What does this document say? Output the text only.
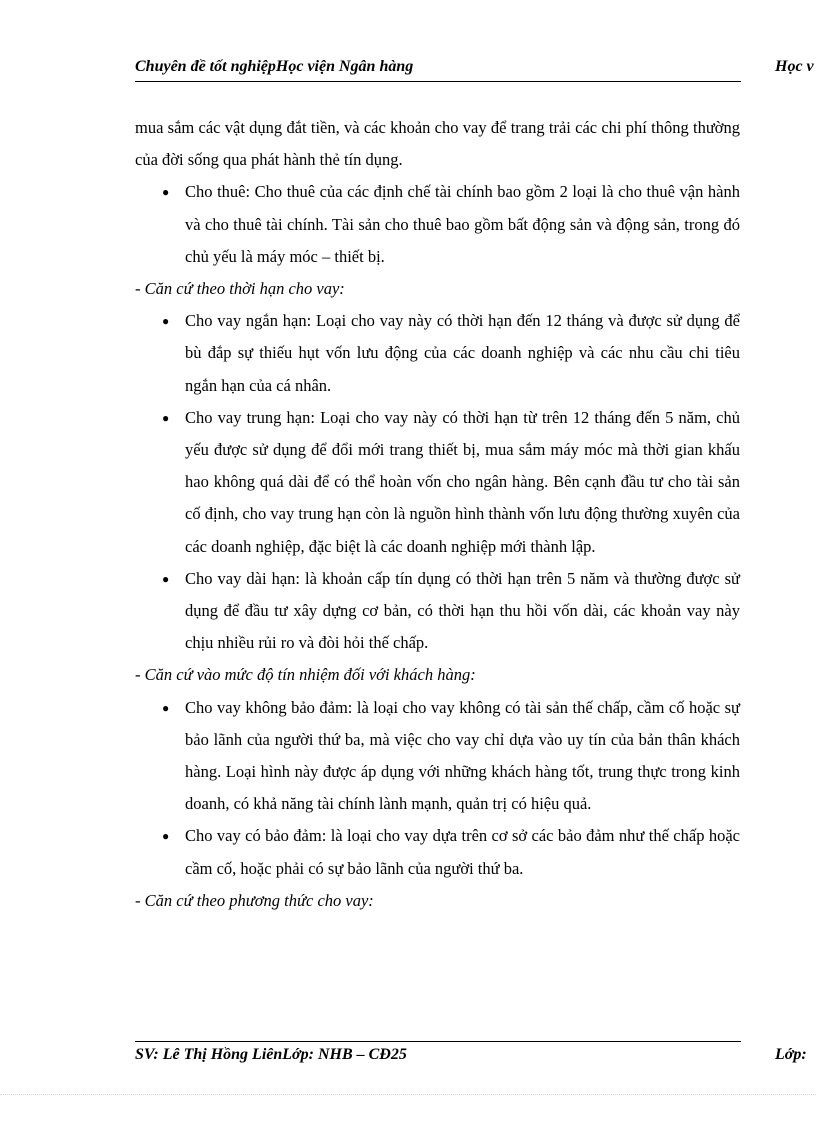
Chuyên đề tốt nghiệpHọc viện Ngân hàng	Học v

mua sắm các vật dụng đắt tiền, và các khoản cho vay để trang trải các chi phí thông thường của đời sống qua phát hành thẻ tín dụng.

● Cho thuê: Cho thuê của các định chế tài chính bao gồm 2 loại là cho thuê vận hành và cho thuê tài chính. Tài sản cho thuê bao gồm bất động sản và động sản, trong đó chủ yếu là máy móc – thiết bị.

- Căn cứ theo thời hạn cho vay:

● Cho vay ngắn hạn: Loại cho vay này có thời hạn đến 12 tháng và được sử dụng để bù đắp sự thiếu hụt vốn lưu động của các doanh nghiệp và các nhu cầu chi tiêu ngắn hạn của cá nhân.
● Cho vay trung hạn: Loại cho vay này có thời hạn từ trên 12 tháng đến 5 năm, chủ yếu được sử dụng để đổi mới trang thiết bị, mua sắm máy móc mà thời gian khấu hao không quá dài để có thể hoàn vốn cho ngân hàng. Bên cạnh đầu tư cho tài sản cố định, cho vay trung hạn còn là nguồn hình thành vốn lưu động thường xuyên của các doanh nghiệp, đặc biệt là các doanh nghiệp mới thành lập.
● Cho vay dài hạn: là khoản cấp tín dụng có thời hạn trên 5 năm và thường được sử dụng để đầu tư xây dựng cơ bản, có thời hạn thu hồi vốn dài, các khoản vay này chịu nhiều rủi ro và đòi hỏi thế chấp.

- Căn cứ vào mức độ tín nhiệm đối với khách hàng:

● Cho vay không bảo đảm: là loại cho vay không có tài sản thế chấp, cầm cố hoặc sự bảo lãnh của người thứ ba, mà việc cho vay chỉ dựa vào uy tín của bản thân khách hàng. Loại hình này được áp dụng với những khách hàng tốt, trung thực trong kinh doanh, có khả năng tài chính lành mạnh, quản trị có hiệu quả.
● Cho vay có bảo đảm: là loại cho vay dựa trên cơ sở các bảo đảm như thế chấp hoặc cầm cố, hoặc phải có sự bảo lãnh của người thứ ba.

- Căn cứ theo phương thức cho vay:

SV: Lê Thị Hồng LiênLớp: NHB – CĐ25	Lớp:
